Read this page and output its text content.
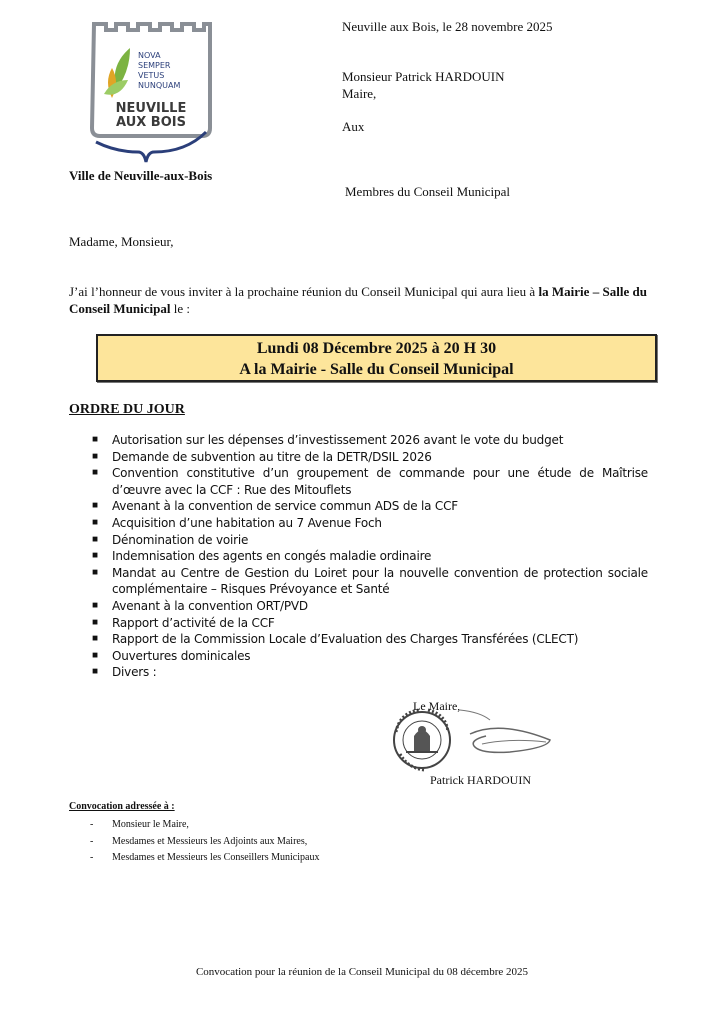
NOVA
SEMPER
VETUS
NUNQUAM
NEUVILLE
AUX BOIS
Ville de Neuville-aux-Bois
Neuville aux Bois, le 28 novembre 2025
Monsieur Patrick HARDOUIN
Maire,
Aux
Membres du Conseil Municipal
Madame, Monsieur,
J’ai l’honneur de vous inviter à la prochaine réunion du Conseil Municipal qui aura lieu à la Mairie – Salle du Conseil Municipal le :
Lundi 08 Décembre 2025 à 20 H 30
A la Mairie - Salle du Conseil Municipal
ORDRE DU JOUR
■ Autorisation sur les dépenses d’investissement 2026 avant le vote du budget
■ Demande de subvention au titre de la DETR/DSIL 2026
■ Convention constitutive d’un groupement de commande pour une étude de Maîtrise d’œuvre avec la CCF : Rue des Mitouflets
■ Avenant à la convention de service commun ADS de la CCF
■ Acquisition d’une habitation au 7 Avenue Foch
■ Dénomination de voirie
■ Indemnisation des agents en congés maladie ordinaire
■ Mandat au Centre de Gestion du Loiret pour la nouvelle convention de protection sociale complémentaire – Risques Prévoyance et Santé
■ Avenant à la convention ORT/PVD
■ Rapport d’activité de la CCF
■ Rapport de la Commission Locale d’Evaluation des Charges Transférées (CLECT)
■ Ouvertures dominicales
■ Divers :
Le Maire,
Patrick HARDOUIN
Convocation adressée à :
- Monsieur le Maire,
- Mesdames et Messieurs les Adjoints aux Maires,
- Mesdames et Messieurs les Conseillers Municipaux
Convocation pour la réunion de la Conseil Municipal du 08 décembre 2025
